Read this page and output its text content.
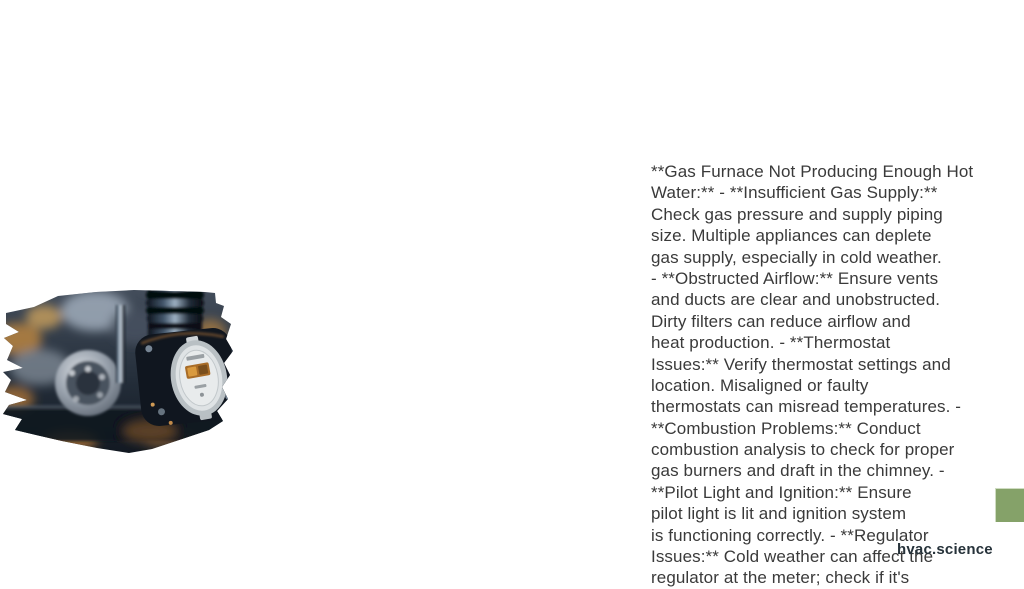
**Gas Furnace Not Producing Enough Hot
Water:** - **Insufficient Gas Supply:**
Check gas pressure and supply piping
size. Multiple appliances can deplete
gas supply, especially in cold weather.
- **Obstructed Airflow:** Ensure vents
and ducts are clear and unobstructed.
Dirty filters can reduce airflow and
heat production. - **Thermostat
Issues:** Verify thermostat settings and
location. Misaligned or faulty
thermostats can misread temperatures. -
**Combustion Problems:** Conduct
combustion analysis to check for proper
gas burners and draft in the chimney. -
**Pilot Light and Ignition:** Ensure
pilot light is lit and ignition system
is functioning correctly. - **Regulator
Issues:** Cold weather can affect the
regulator at the meter; check if it's
hvac.science
